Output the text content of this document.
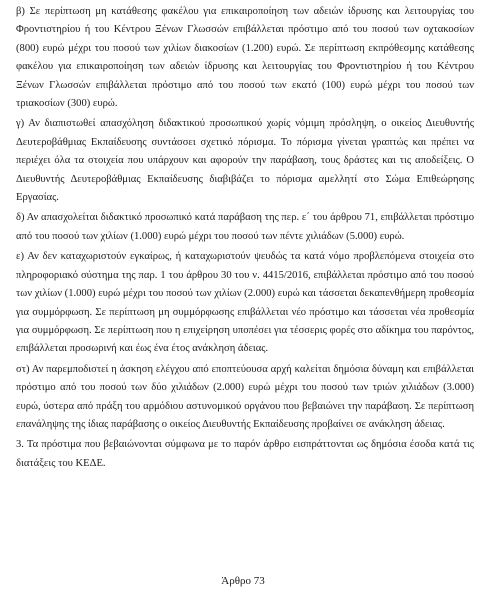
β) Σε περίπτωση μη κατάθεσης φακέλου για επικαιροποίηση των αδειών ίδρυσης και λειτουργίας του Φροντιστηρίου ή του Κέντρου Ξένων Γλωσσών επιβάλλεται πρόστιμο από του ποσού των οχτακοσίων (800) ευρώ μέχρι του ποσού των χιλίων διακοσίων (1.200) ευρώ. Σε περίπτωση εκπρόθεσμης κατάθεσης φακέλου για επικαιροποίηση των αδειών ίδρυσης και λειτουργίας του Φροντιστηρίου ή του Κέντρου Ξένων Γλωσσών επιβάλλεται πρόστιμο από του ποσού των εκατό (100) ευρώ μέχρι του ποσού των τριακοσίων (300) ευρώ.

γ) Αν διαπιστωθεί απασχόληση διδακτικού προσωπικού χωρίς νόμιμη πρόσληψη, ο οικείος Διευθυντής Δευτεροβάθμιας Εκπαίδευσης συντάσσει σχετικό πόρισμα. Το πόρισμα γίνεται γραπτώς και πρέπει να περιέχει όλα τα στοιχεία που υπάρχουν και αφορούν την παράβαση, τους δράστες και τις αποδείξεις. Ο Διευθυντής Δευτεροβάθμιας Εκπαίδευσης διαβιβάζει το πόρισμα αμελλητί στο Σώμα Επιθεώρησης Εργασίας.

δ) Αν απασχολείται διδακτικό προσωπικό κατά παράβαση της περ. ε΄ του άρθρου 71, επιβάλλεται πρόστιμο από του ποσού των χιλίων (1.000) ευρώ μέχρι του ποσού των πέντε χιλιάδων (5.000) ευρώ.

ε) Αν δεν καταχωριστούν εγκαίρως, ή καταχωριστούν ψευδώς τα κατά νόμο προβλεπόμενα στοιχεία στο πληροφοριακό σύστημα της παρ. 1 του άρθρου 30 του ν. 4415/2016, επιβάλλεται πρόστιμο από του ποσού των χιλίων (1.000) ευρώ μέχρι του ποσού των χιλίων (2.000) ευρώ και τάσσεται δεκαπενθήμερη προθεσμία για συμμόρφωση. Σε περίπτωση μη συμμόρφωσης επιβάλλεται νέο πρόστιμο και τάσσεται νέα προθεσμία για συμμόρφωση. Σε περίπτωση που η επιχείρηση υποπέσει για τέσσερις φορές στο αδίκημα του παρόντος, επιβάλλεται προσωρινή και έως ένα έτος ανάκληση άδειας.

στ) Αν παρεμποδιστεί η άσκηση ελέγχου από εποπτεύουσα αρχή καλείται δημόσια δύναμη και επιβάλλεται πρόστιμο από του ποσού των δύο χιλιάδων (2.000) ευρώ μέχρι του ποσού των τριών χιλιάδων (3.000) ευρώ, ύστερα από πράξη του αρμόδιου αστυνομικού οργάνου που βεβαιώνει την παράβαση. Σε περίπτωση επανάληψης της ίδιας παράβασης ο οικείος Διευθυντής Εκπαίδευσης προβαίνει σε ανάκληση άδειας.

3. Τα πρόστιμα που βεβαιώνονται σύμφωνα με το παρόν άρθρο εισπράττονται ως δημόσια έσοδα κατά τις διατάξεις του ΚΕΔΕ.

Άρθρο 73
